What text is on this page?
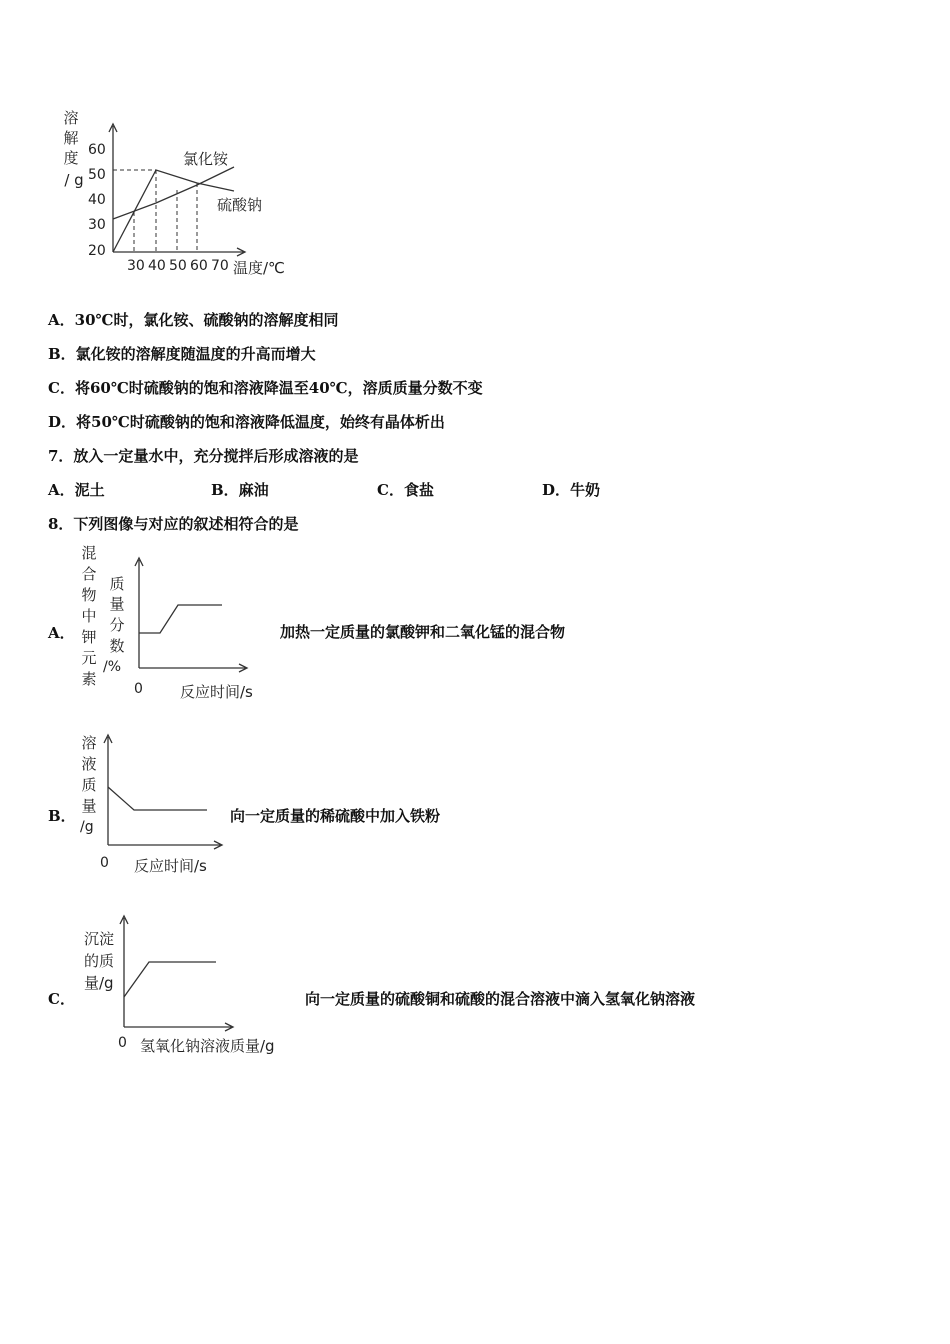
溶
解
度
/ g
60
50
40
30
20
30 40 50 60 70 温度/℃
氯化铵
硫酸钠
A．30℃时，氯化铵、硫酸钠的溶解度相同
B．氯化铵的溶解度随温度的升高而增大
C．将60℃时硫酸钠的饱和溶液降温至40℃，溶质质量分数不变
D．将50℃时硫酸钠的饱和溶液降低温度，始终有晶体析出
7．放入一定量水中，充分搅拌后形成溶液的是
A．泥土	B．麻油	C．食盐	D．牛奶
8．下列图像与对应的叙述相符合的是
A．
混
合
物
中
钾
元
素
质
量
分
数
/%
0 反应时间/s
加热一定质量的氯酸钾和二氧化锰的混合物
B．
溶
液
质
量
/g
0 反应时间/s
向一定质量的稀硫酸中加入铁粉
C．
沉淀
的质
量/g
0 氢氧化钠溶液质量/g
向一定质量的硫酸铜和硫酸的混合溶液中滴入氢氧化钠溶液
